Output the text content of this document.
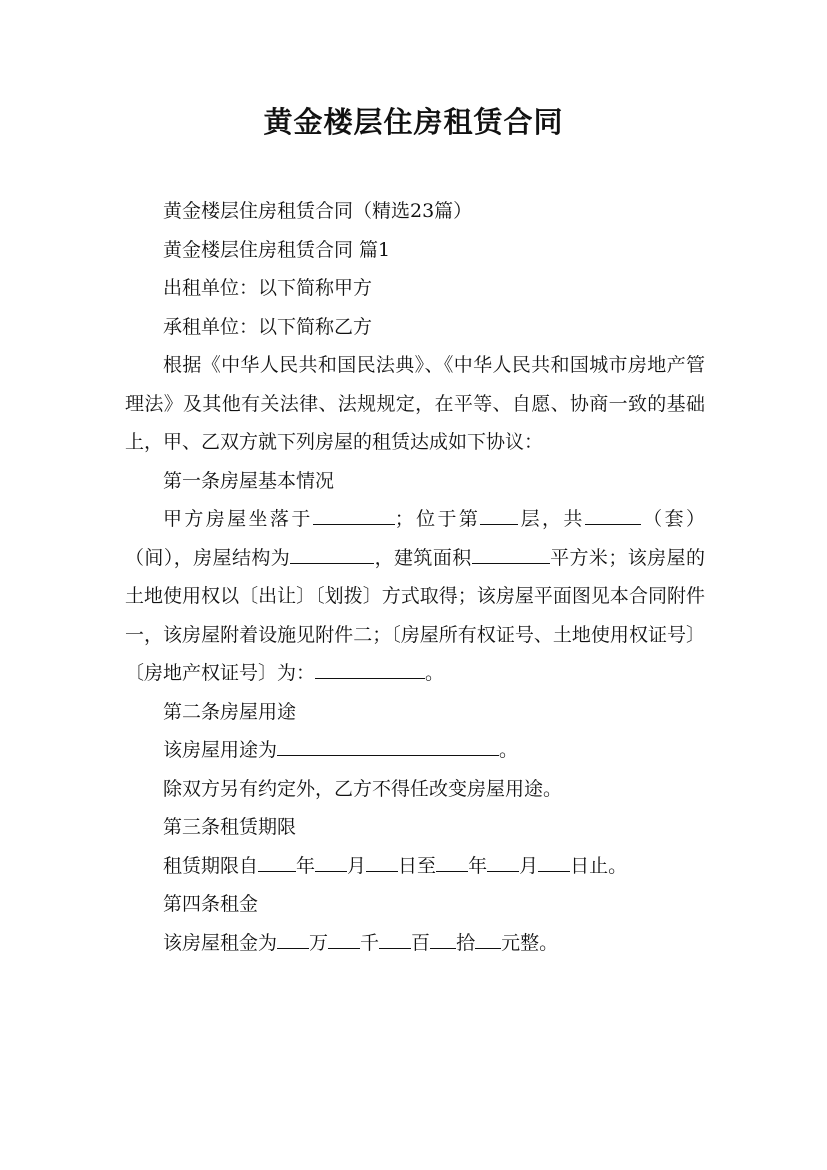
黄金楼层住房租赁合同

黄金楼层住房租赁合同（精选23篇）

黄金楼层住房租赁合同 篇1

出租单位：以下简称甲方

承租单位：以下简称乙方

根据《中华人民共和国民法典》、《中华人民共和国城市房地产管理法》及其他有关法律、法规规定，在平等、自愿、协商一致的基础上，甲、乙双方就下列房屋的租赁达成如下协议：

第一条房屋基本情况

甲方房屋坐落于	；位于第 层，共	（套）（间），房屋结构为	，建筑面积	平方米；该房屋的土地使用权以〔出让〕〔划拨〕方式取得；该房屋平面图见本合同附件一，该房屋附着设施见附件二；〔房屋所有权证号、土地使用权证号〕〔房地产权证号〕为：	。

第二条房屋用途

该房屋用途为	。

除双方另有约定外，乙方不得任改变房屋用途。

第三条租赁期限

租赁期限自 年 月 日至 年 月 日止。

第四条租金

该房屋租金为 万 千 百 拾 元整。
